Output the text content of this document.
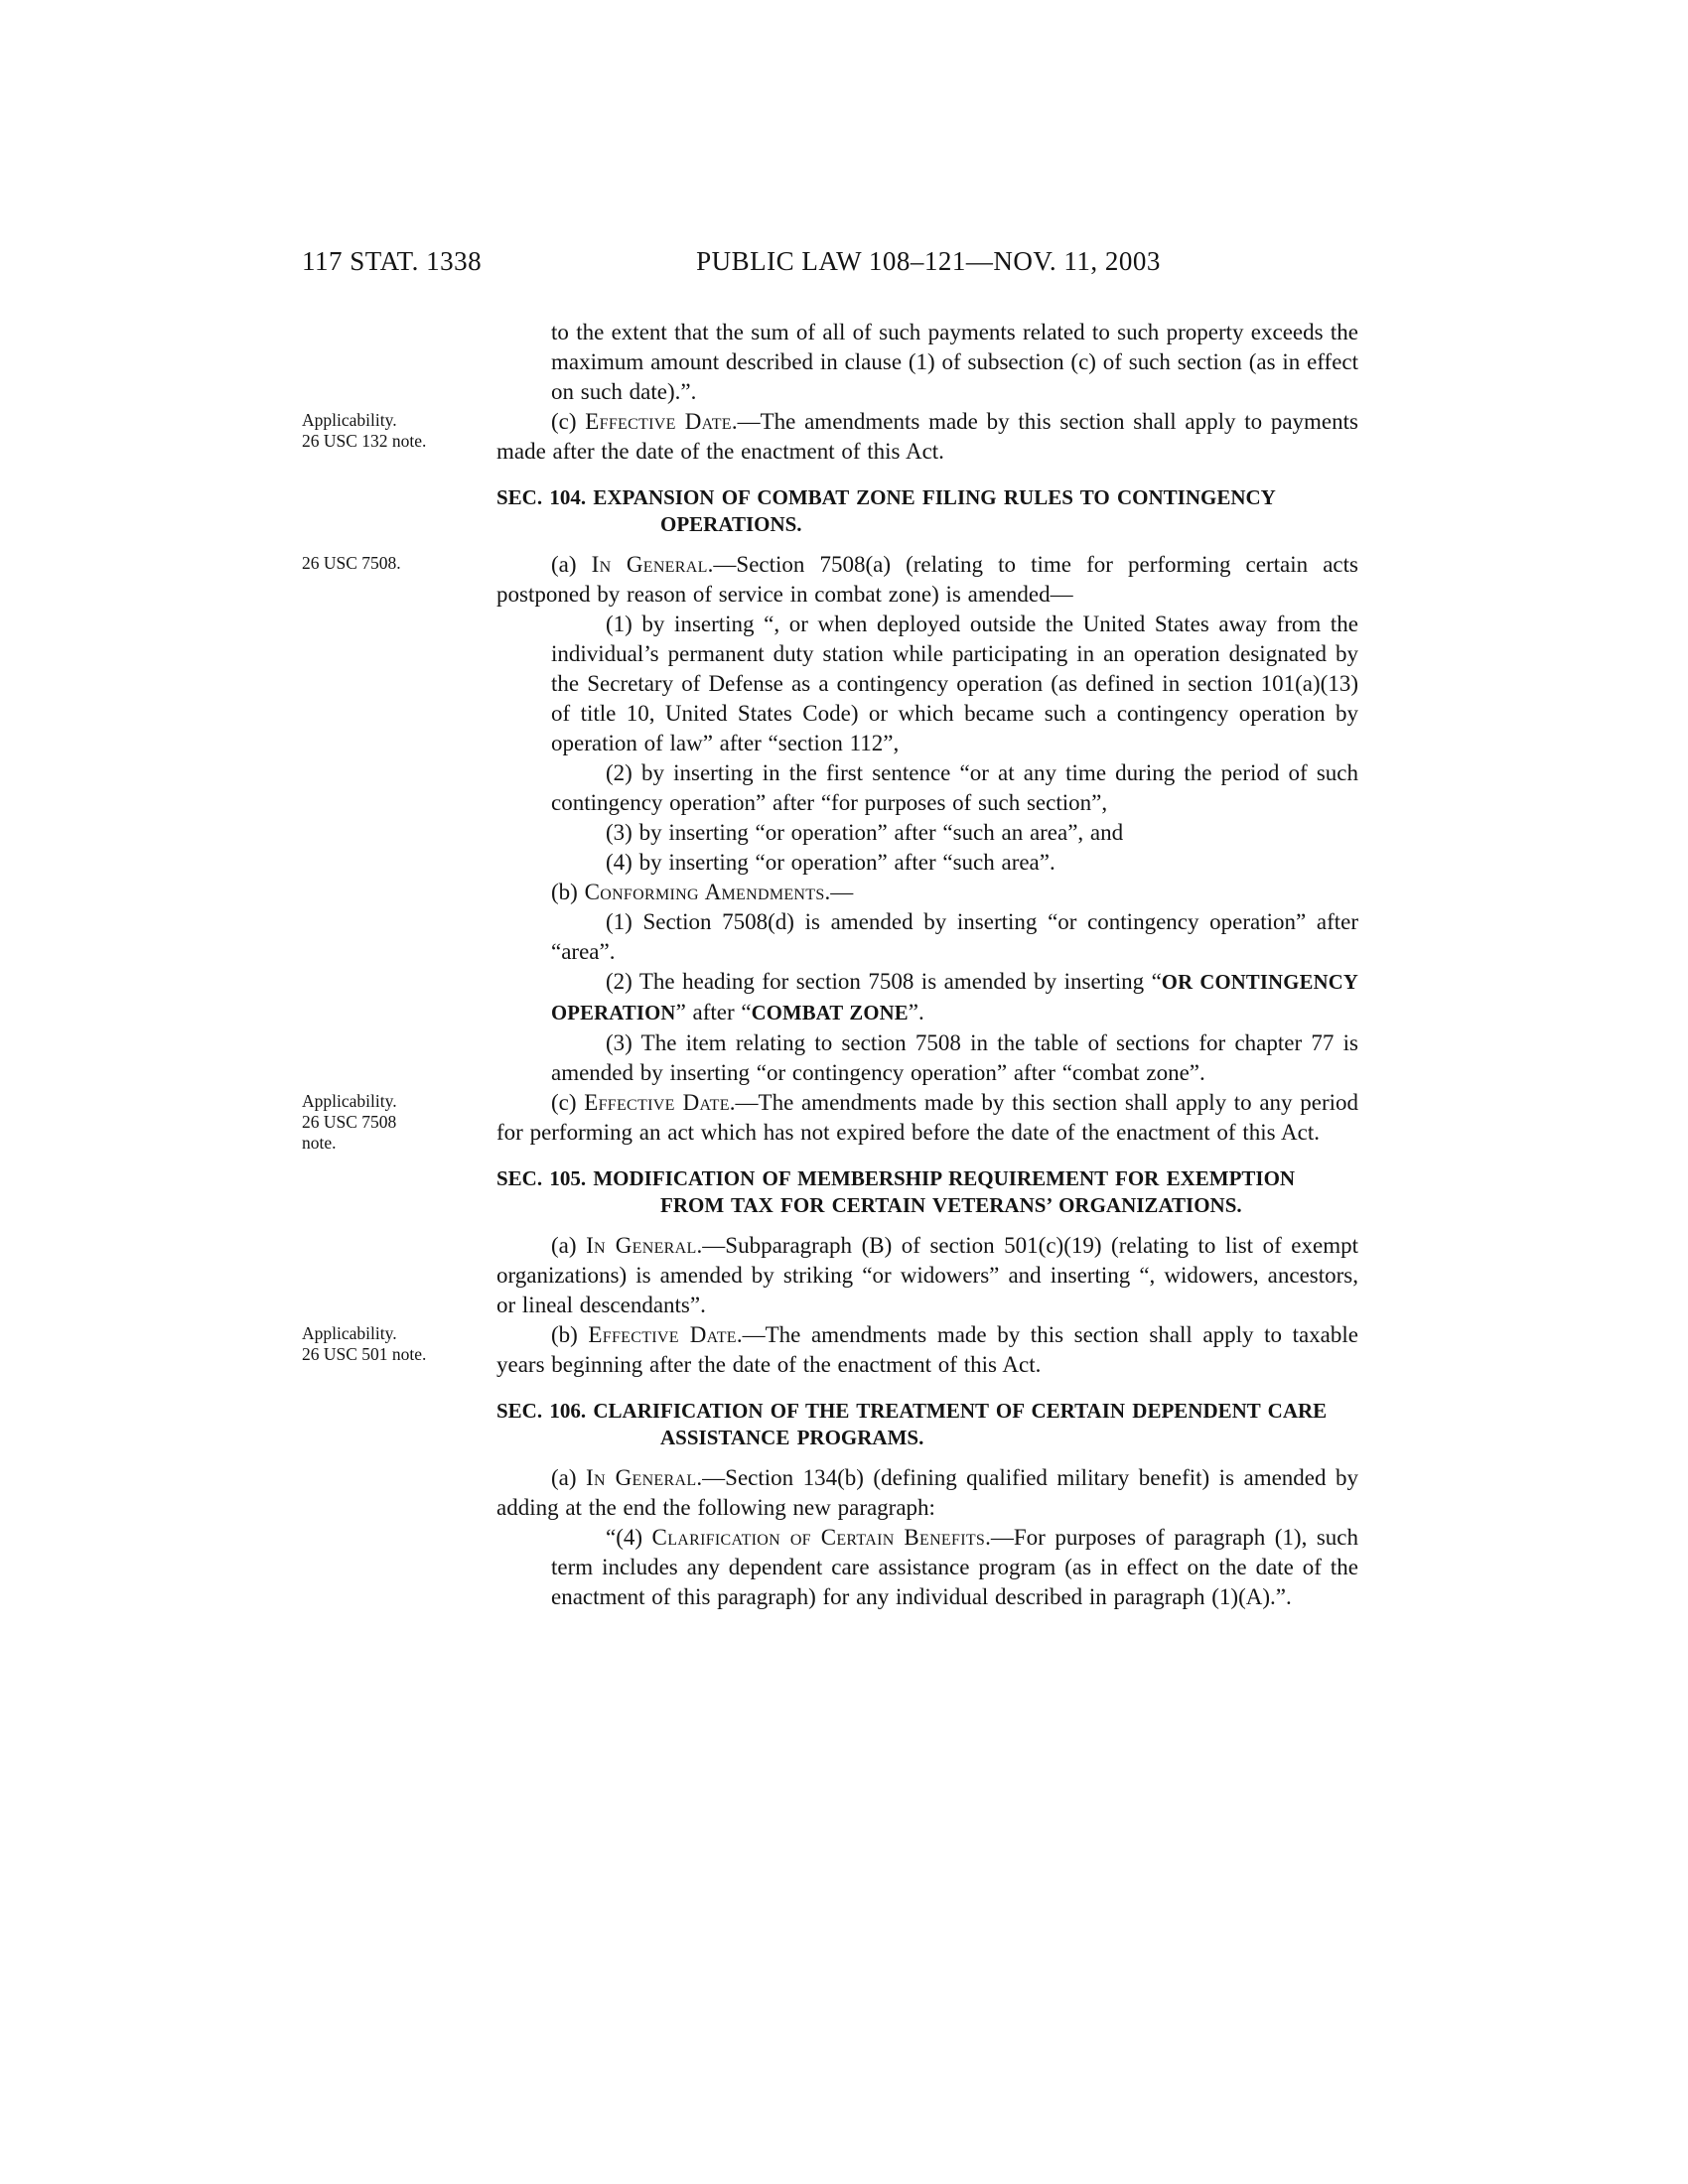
117 STAT. 1338	PUBLIC LAW 108–121—NOV. 11, 2003

to the extent that the sum of all of such payments related to such property exceeds the maximum amount described in clause (1) of subsection (c) of such section (as in effect on such date).”.

(c) Effective Date.—The amendments made by this section shall apply to payments made after the date of the enactment of this Act.
Applicability.
26 USC 132 note.

SEC. 104. EXPANSION OF COMBAT ZONE FILING RULES TO CONTINGENCY OPERATIONS.

(a) In General.—Section 7508(a) (relating to time for performing certain acts postponed by reason of service in combat zone) is amended—
26 USC 7508.

(1) by inserting “, or when deployed outside the United States away from the individual’s permanent duty station while participating in an operation designated by the Secretary of Defense as a contingency operation (as defined in section 101(a)(13) of title 10, United States Code) or which became such a contingency operation by operation of law” after “section 112”,

(2) by inserting in the first sentence “or at any time during the period of such contingency operation” after “for purposes of such section”,

(3) by inserting “or operation” after “such an area”, and

(4) by inserting “or operation” after “such area”.

(b) Conforming Amendments.—

(1) Section 7508(d) is amended by inserting “or contingency operation” after “area”.

(2) The heading for section 7508 is amended by inserting “OR CONTINGENCY OPERATION” after “COMBAT ZONE”.

(3) The item relating to section 7508 in the table of sections for chapter 77 is amended by inserting “or contingency operation” after “combat zone”.

(c) Effective Date.—The amendments made by this section shall apply to any period for performing an act which has not expired before the date of the enactment of this Act.
Applicability.
26 USC 7508
note.

SEC. 105. MODIFICATION OF MEMBERSHIP REQUIREMENT FOR EXEMPTION FROM TAX FOR CERTAIN VETERANS’ ORGANIZATIONS.

(a) In General.—Subparagraph (B) of section 501(c)(19) (relating to list of exempt organizations) is amended by striking “or widowers” and inserting “, widowers, ancestors, or lineal descendants”.

(b) Effective Date.—The amendments made by this section shall apply to taxable years beginning after the date of the enactment of this Act.
Applicability.
26 USC 501 note.

SEC. 106. CLARIFICATION OF THE TREATMENT OF CERTAIN DEPENDENT CARE ASSISTANCE PROGRAMS.

(a) In General.—Section 134(b) (defining qualified military benefit) is amended by adding at the end the following new paragraph:

“(4) Clarification of Certain Benefits.—For purposes of paragraph (1), such term includes any dependent care assistance program (as in effect on the date of the enactment of this paragraph) for any individual described in paragraph (1)(A).”.
